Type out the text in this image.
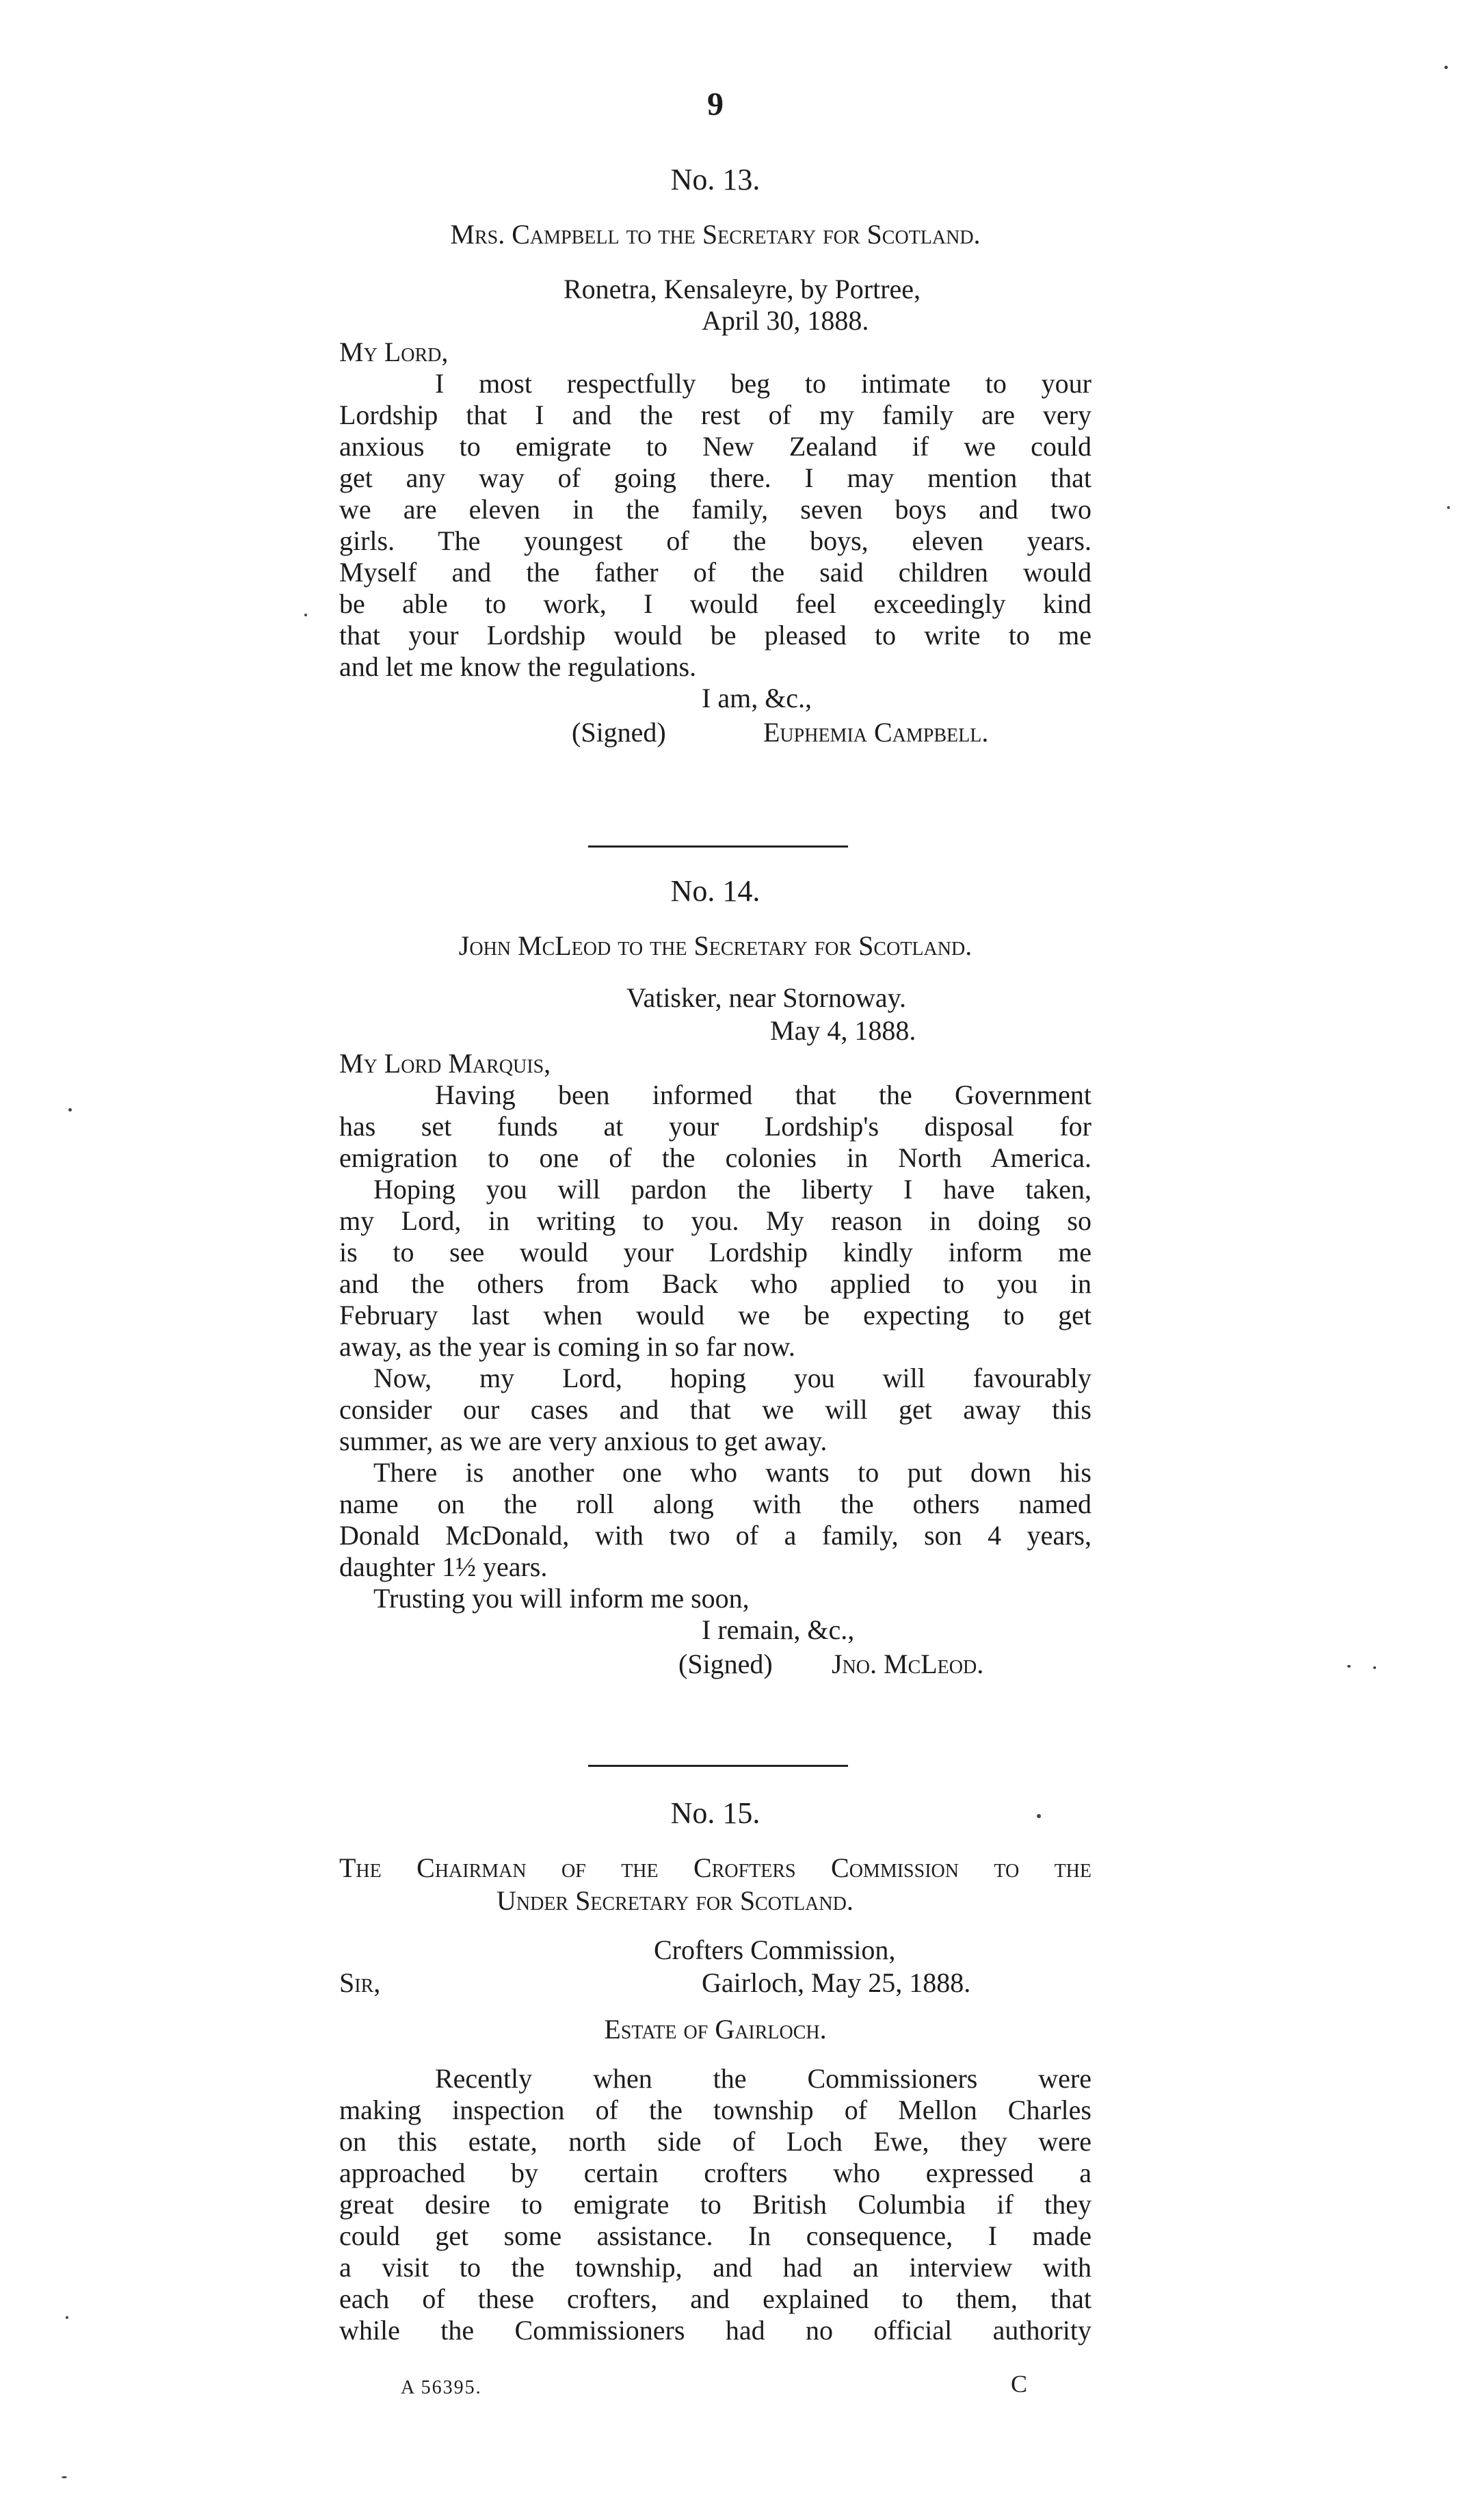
9
No. 13.
Mrs. Campbell to the Secretary for Scotland.
Ronetra, Kensaleyre, by Portree,
April 30, 1888.
My Lord,
I most respectfully beg to intimate to your
Lordship that I and the rest of my family are very
anxious to emigrate to New Zealand if we could
get any way of going there. I may mention that
we are eleven in the family, seven boys and two
girls. The youngest of the boys, eleven years.
Myself and the father of the said children would
be able to work, I would feel exceedingly kind
that your Lordship would be pleased to write to me
and let me know the regulations.
I am, &c.,
(Signed)	Euphemia Campbell.
No. 14.
John McLeod to the Secretary for Scotland.
Vatisker, near Stornoway.
May 4, 1888.
My Lord Marquis,
Having been informed that the Government
has set funds at your Lordship's disposal for
emigration to one of the colonies in North America.
Hoping you will pardon the liberty I have taken,
my Lord, in writing to you. My reason in doing so
is to see would your Lordship kindly inform me
and the others from Back who applied to you in
February last when would we be expecting to get
away, as the year is coming in so far now.
Now, my Lord, hoping you will favourably
consider our cases and that we will get away this
summer, as we are very anxious to get away.
There is another one who wants to put down his
name on the roll along with the others named
Donald McDonald, with two of a family, son 4 years,
daughter 1½ years.
Trusting you will inform me soon,
I remain, &c.,
(Signed) Jno. McLeod.
No. 15.
The Chairman of the Crofters Commission to the
Under Secretary for Scotland.
Crofters Commission,
Sir,	Gairloch, May 25, 1888.
Estate of Gairloch.
Recently when the Commissioners were
making inspection of the township of Mellon Charles
on this estate, north side of Loch Ewe, they were
approached by certain crofters who expressed a
great desire to emigrate to British Columbia if they
could get some assistance. In consequence, I made
a visit to the township, and had an interview with
each of these crofters, and explained to them, that
while the Commissioners had no official authority
A 56395.	C
